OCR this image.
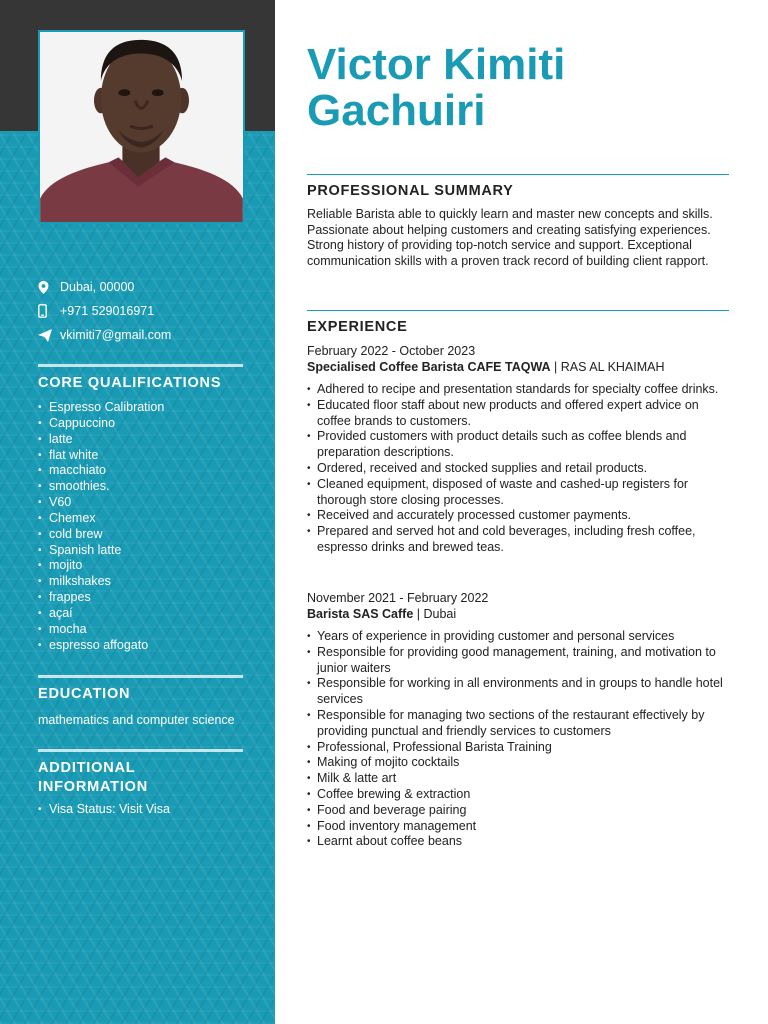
Dubai, 00000
+971 529016971
vkimiti7@gmail.com
CORE QUALIFICATIONS
• Espresso Calibration
• Cappuccino
• latte
• flat white
• macchiato
• smoothies.
• V60
• Chemex
• cold brew
• Spanish latte
• mojito
• milkshakes
• frappes
• açaí
• mocha
• espresso affogato
EDUCATION
mathematics and computer science
ADDITIONAL
INFORMATION
• Visa Status: Visit Visa
Victor Kimiti Gachuiri
PROFESSIONAL SUMMARY
Reliable Barista able to quickly learn and master new concepts and skills. Passionate about helping customers and creating satisfying experiences. Strong history of providing top-notch service and support. Exceptional communication skills with a proven track record of building client rapport.
EXPERIENCE
February 2022 - October 2023
Specialised Coffee Barista CAFE TAQWA | RAS AL KHAIMAH
• Adhered to recipe and presentation standards for specialty coffee drinks.
• Educated floor staff about new products and offered expert advice on coffee brands to customers.
• Provided customers with product details such as coffee blends and preparation descriptions.
• Ordered, received and stocked supplies and retail products.
• Cleaned equipment, disposed of waste and cashed-up registers for thorough store closing processes.
• Received and accurately processed customer payments.
• Prepared and served hot and cold beverages, including fresh coffee, espresso drinks and brewed teas.
November 2021 - February 2022
Barista SAS Caffe | Dubai
• Years of experience in providing customer and personal services
• Responsible for providing good management, training, and motivation to junior waiters
• Responsible for working in all environments and in groups to handle hotel services
• Responsible for managing two sections of the restaurant effectively by providing punctual and friendly services to customers
• Professional, Professional Barista Training
• Making of mojito cocktails
• Milk & latte art
• Coffee brewing & extraction
• Food and beverage pairing
• Food inventory management
• Learnt about coffee beans
